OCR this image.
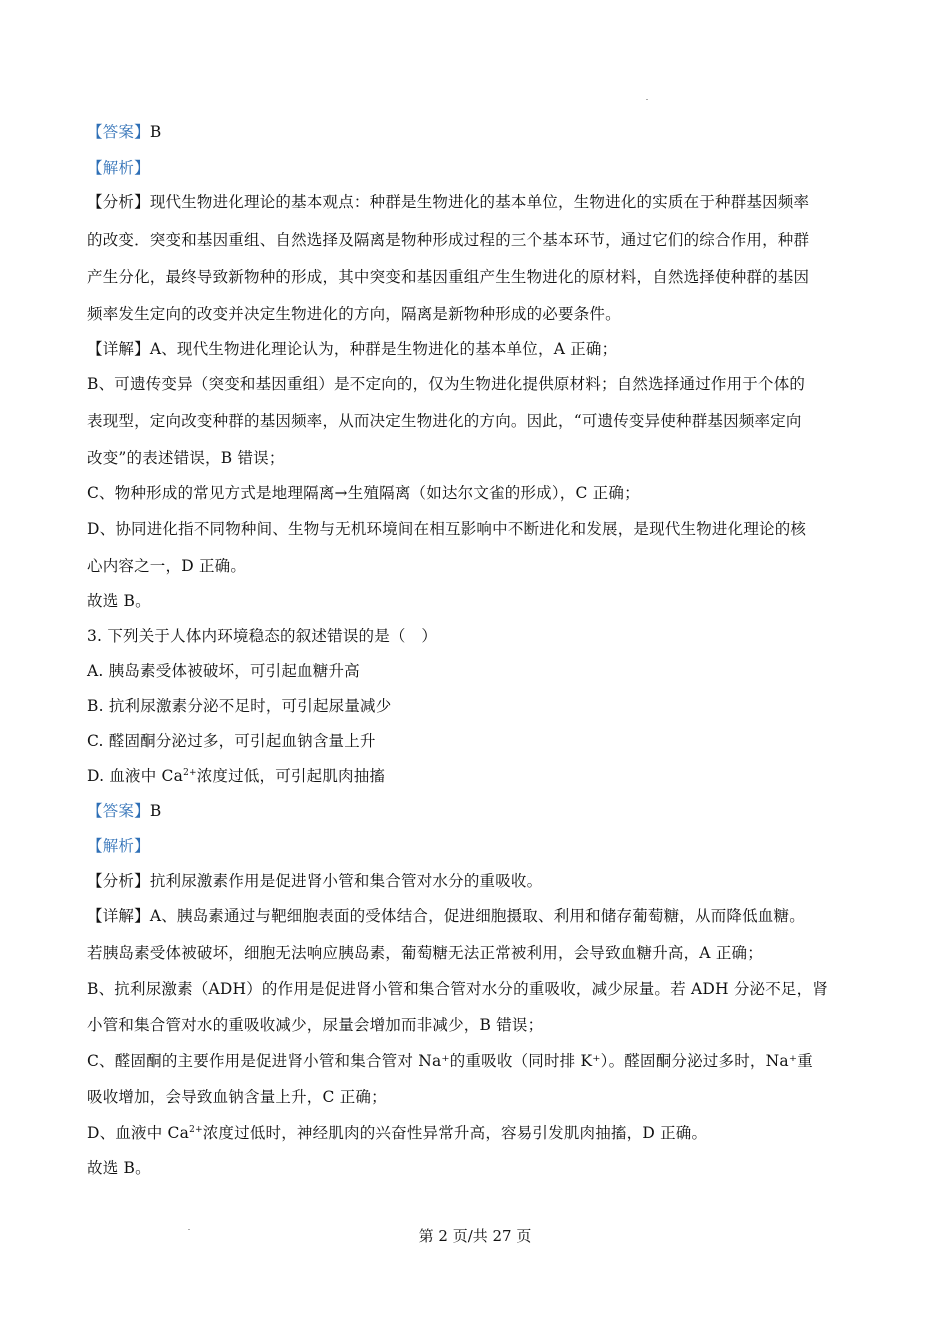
【答案】B
【解析】
【分析】现代生物进化理论的基本观点：种群是生物进化的基本单位，生物进化的实质在于种群基因频率
的改变．突变和基因重组、自然选择及隔离是物种形成过程的三个基本环节，通过它们的综合作用，种群
产生分化，最终导致新物种的形成，其中突变和基因重组产生生物进化的原材料，自然选择使种群的基因
频率发生定向的改变并决定生物进化的方向，隔离是新物种形成的必要条件。
【详解】A、现代生物进化理论认为，种群是生物进化的基本单位，A 正确；
B、可遗传变异（突变和基因重组）是不定向的，仅为生物进化提供原材料；自然选择通过作用于个体的
表现型，定向改变种群的基因频率，从而决定生物进化的方向。因此，“可遗传变异使种群基因频率定向
改变”的表述错误，B 错误；
C、物种形成的常见方式是地理隔离→生殖隔离（如达尔文雀的形成），C 正确；
D、协同进化指不同物种间、生物与无机环境间在相互影响中不断进化和发展，是现代生物进化理论的核
心内容之一，D 正确。
故选 B。
3. 下列关于人体内环境稳态的叙述错误的是（　）
A. 胰岛素受体被破坏，可引起血糖升高
B. 抗利尿激素分泌不足时，可引起尿量减少
C. 醛固酮分泌过多，可引起血钠含量上升
D. 血液中 $Ca^{2+}$浓度过低，可引起肌肉抽搐
【答案】B
【解析】
【分析】抗利尿激素作用是促进肾小管和集合管对水分的重吸收。
【详解】A、胰岛素通过与靶细胞表面的受体结合，促进细胞摄取、利用和储存葡萄糖，从而降低血糖。
若胰岛素受体被破坏，细胞无法响应胰岛素，葡萄糖无法正常被利用，会导致血糖升高，A 正确；
B、抗利尿激素（ADH）的作用是促进肾小管和集合管对水分的重吸收，减少尿量。若 ADH 分泌不足，肾
小管和集合管对水的重吸收减少，尿量会增加而非减少，B 错误；
C、醛固酮的主要作用是促进肾小管和集合管对 Na⁺的重吸收（同时排 K⁺）。醛固酮分泌过多时，Na⁺重
吸收增加，会导致血钠含量上升，C 正确；
D、血液中 $Ca^{2+}$浓度过低时，神经肌肉的兴奋性异常升高，容易引发肌肉抽搐，D 正确。
故选 B。
第 2 页/共 27 页
